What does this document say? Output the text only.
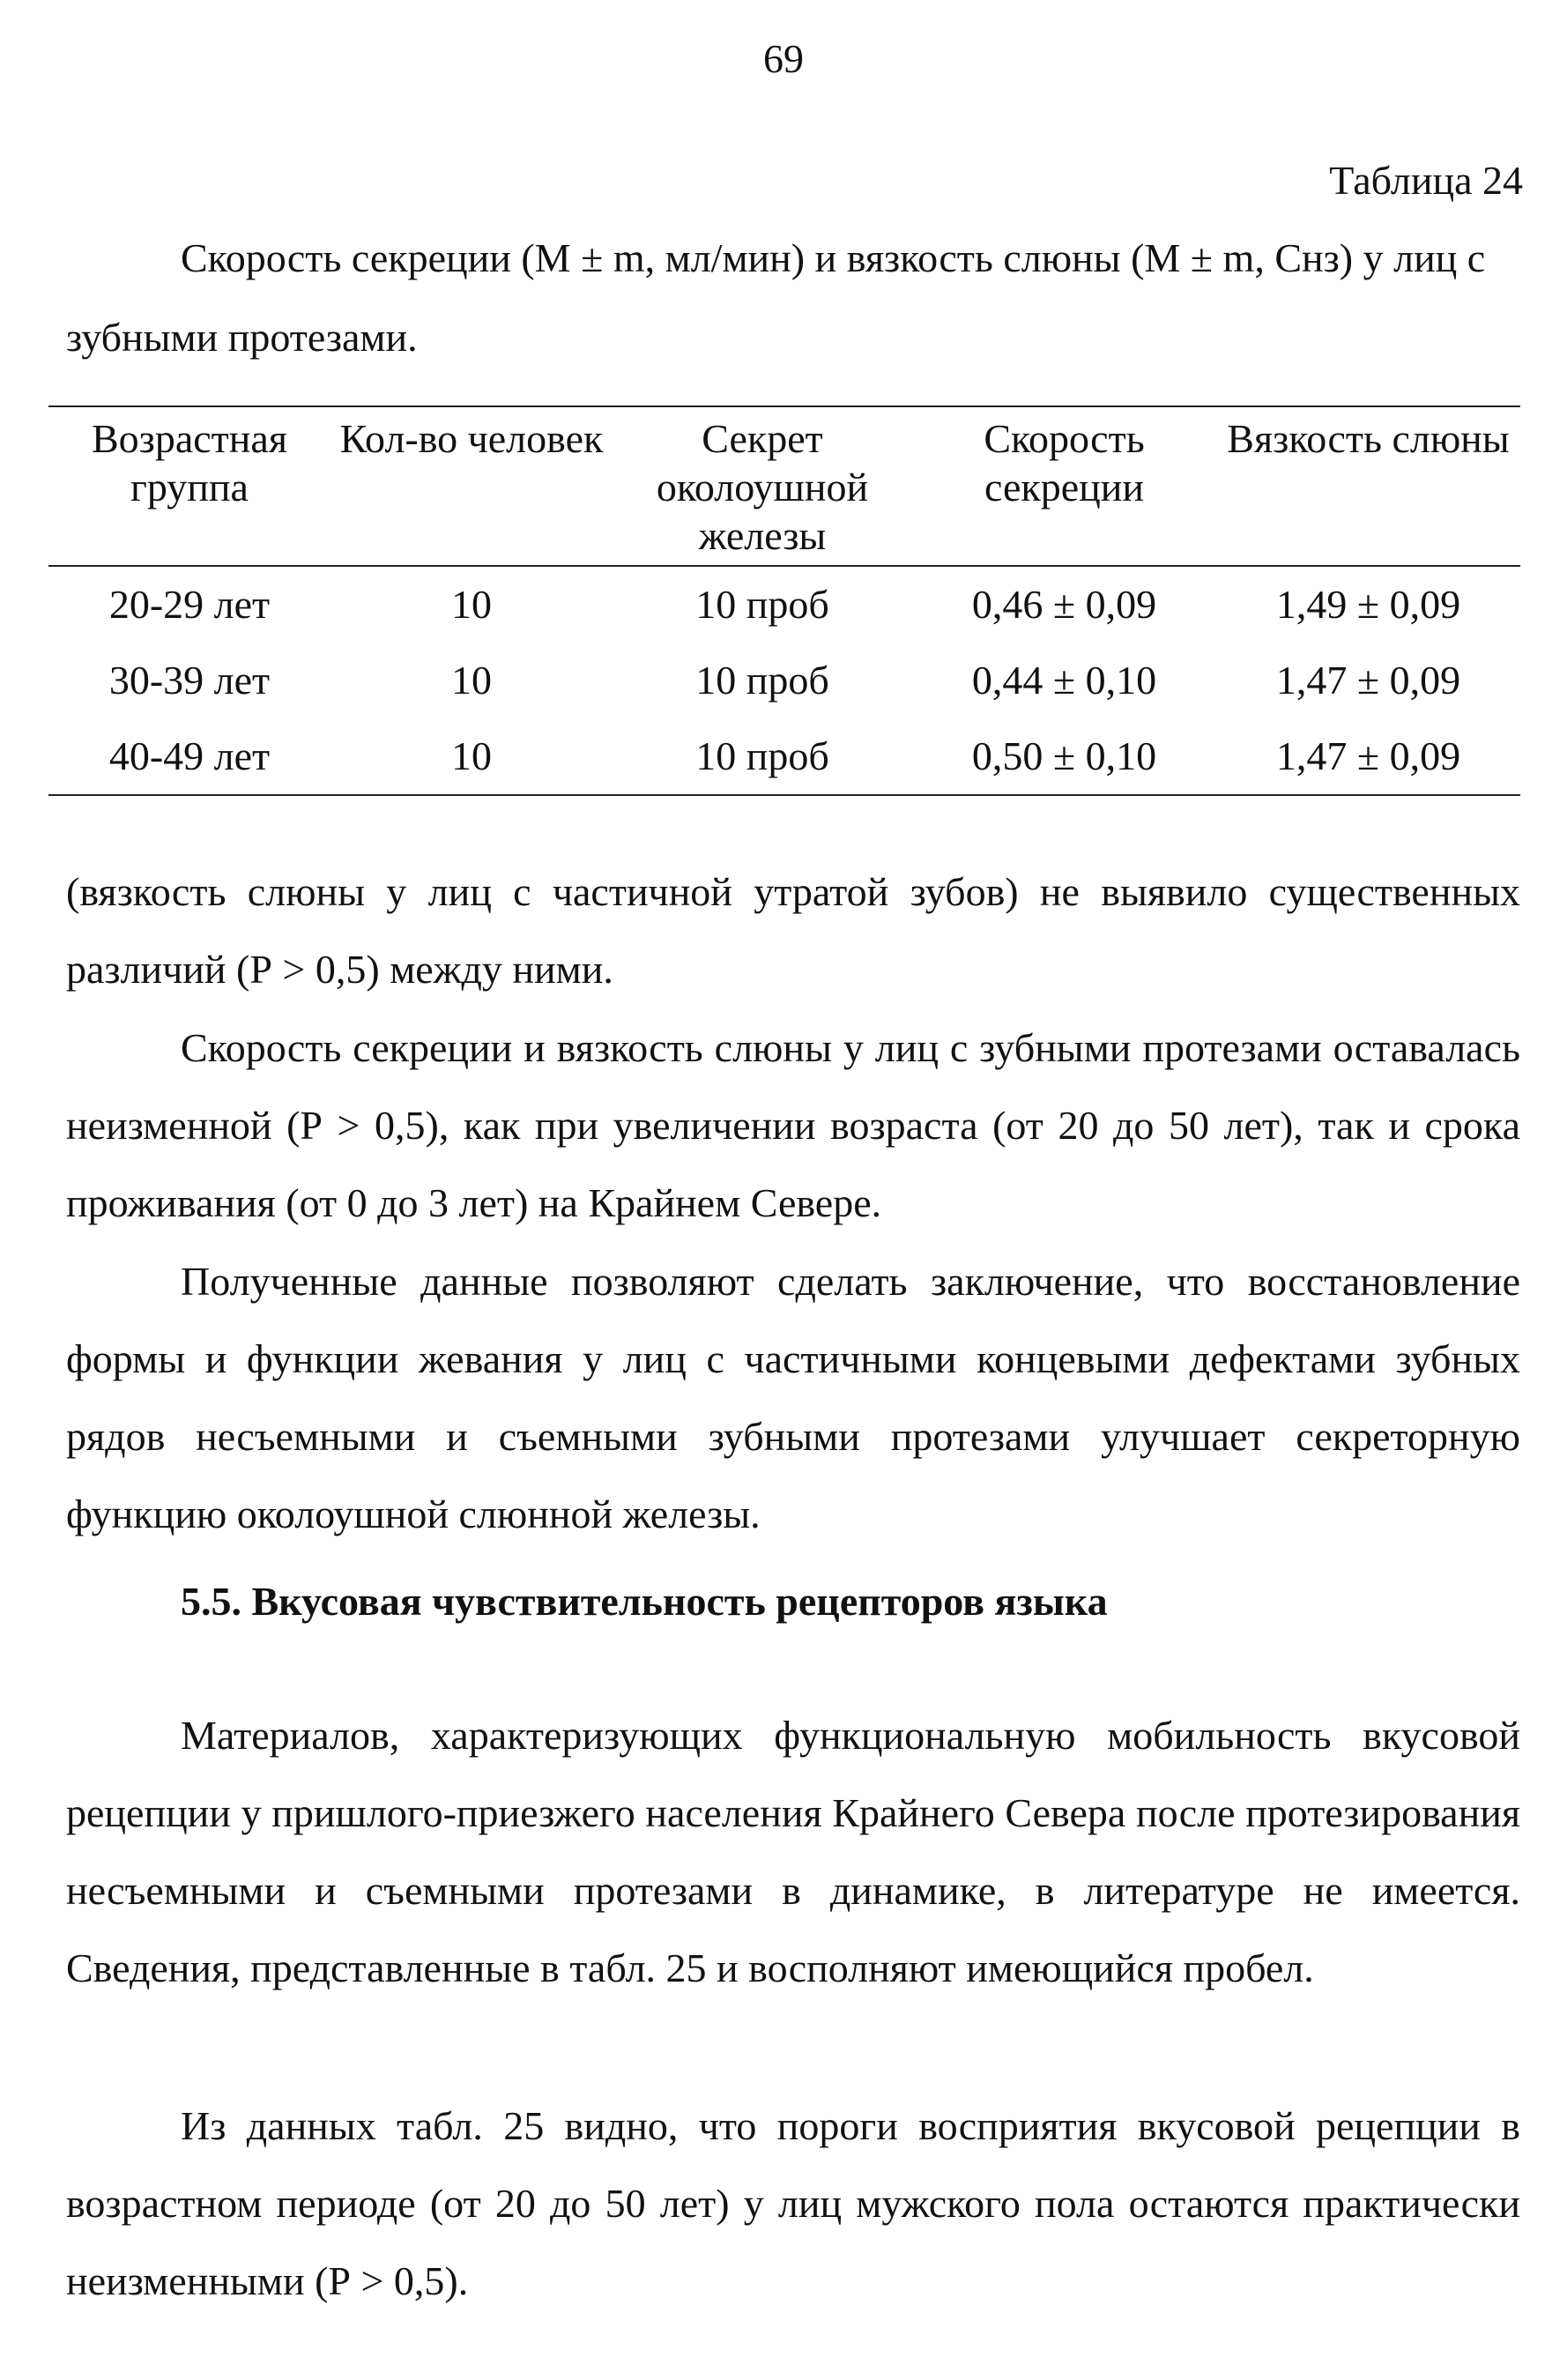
69
Таблица 24
Скорость секреции (М ± m, мл/мин) и вязкость слюны (М ± m, Снз) у лиц с зубными протезами.
Возрастная группа	Кол-во человек	Секрет околоушной железы	Скорость секреции	Вязкость слюны
20-29 лет	10	10 проб	0,46 ± 0,09	1,49 ± 0,09
30-39 лет	10	10 проб	0,44 ± 0,10	1,47 ± 0,09
40-49 лет	10	10 проб	0,50 ± 0,10	1,47 ± 0,09

(вязкость слюны у лиц с частичной утратой зубов) не выявило существенных различий (Р > 0,5) между ними.

Скорость секреции и вязкость слюны у лиц с зубными протезами оставалась неизменной (Р > 0,5), как при увеличении возраста (от 20 до 50 лет), так и срока проживания (от 0 до 3 лет) на Крайнем Севере.

Полученные данные позволяют сделать заключение, что восстановление формы и функции жевания у лиц с частичными концевыми дефектами зубных рядов несъемными и съемными зубными протезами улучшает секреторную функцию околоушной слюнной железы.

5.5. Вкусовая чувствительность рецепторов языка

Материалов, характеризующих функциональную мобильность вкусовой рецепции у пришлого-приезжего населения Крайнего Севера после протезирования несъемными и съемными протезами в динамике, в литературе не имеется. Сведения, представленные в табл. 25 и восполняют имеющийся пробел.

Из данных табл. 25 видно, что пороги восприятия вкусовой рецепции в возрастном периоде (от 20 до 50 лет) у лиц мужского пола остаются практически неизменными (Р > 0,5).
